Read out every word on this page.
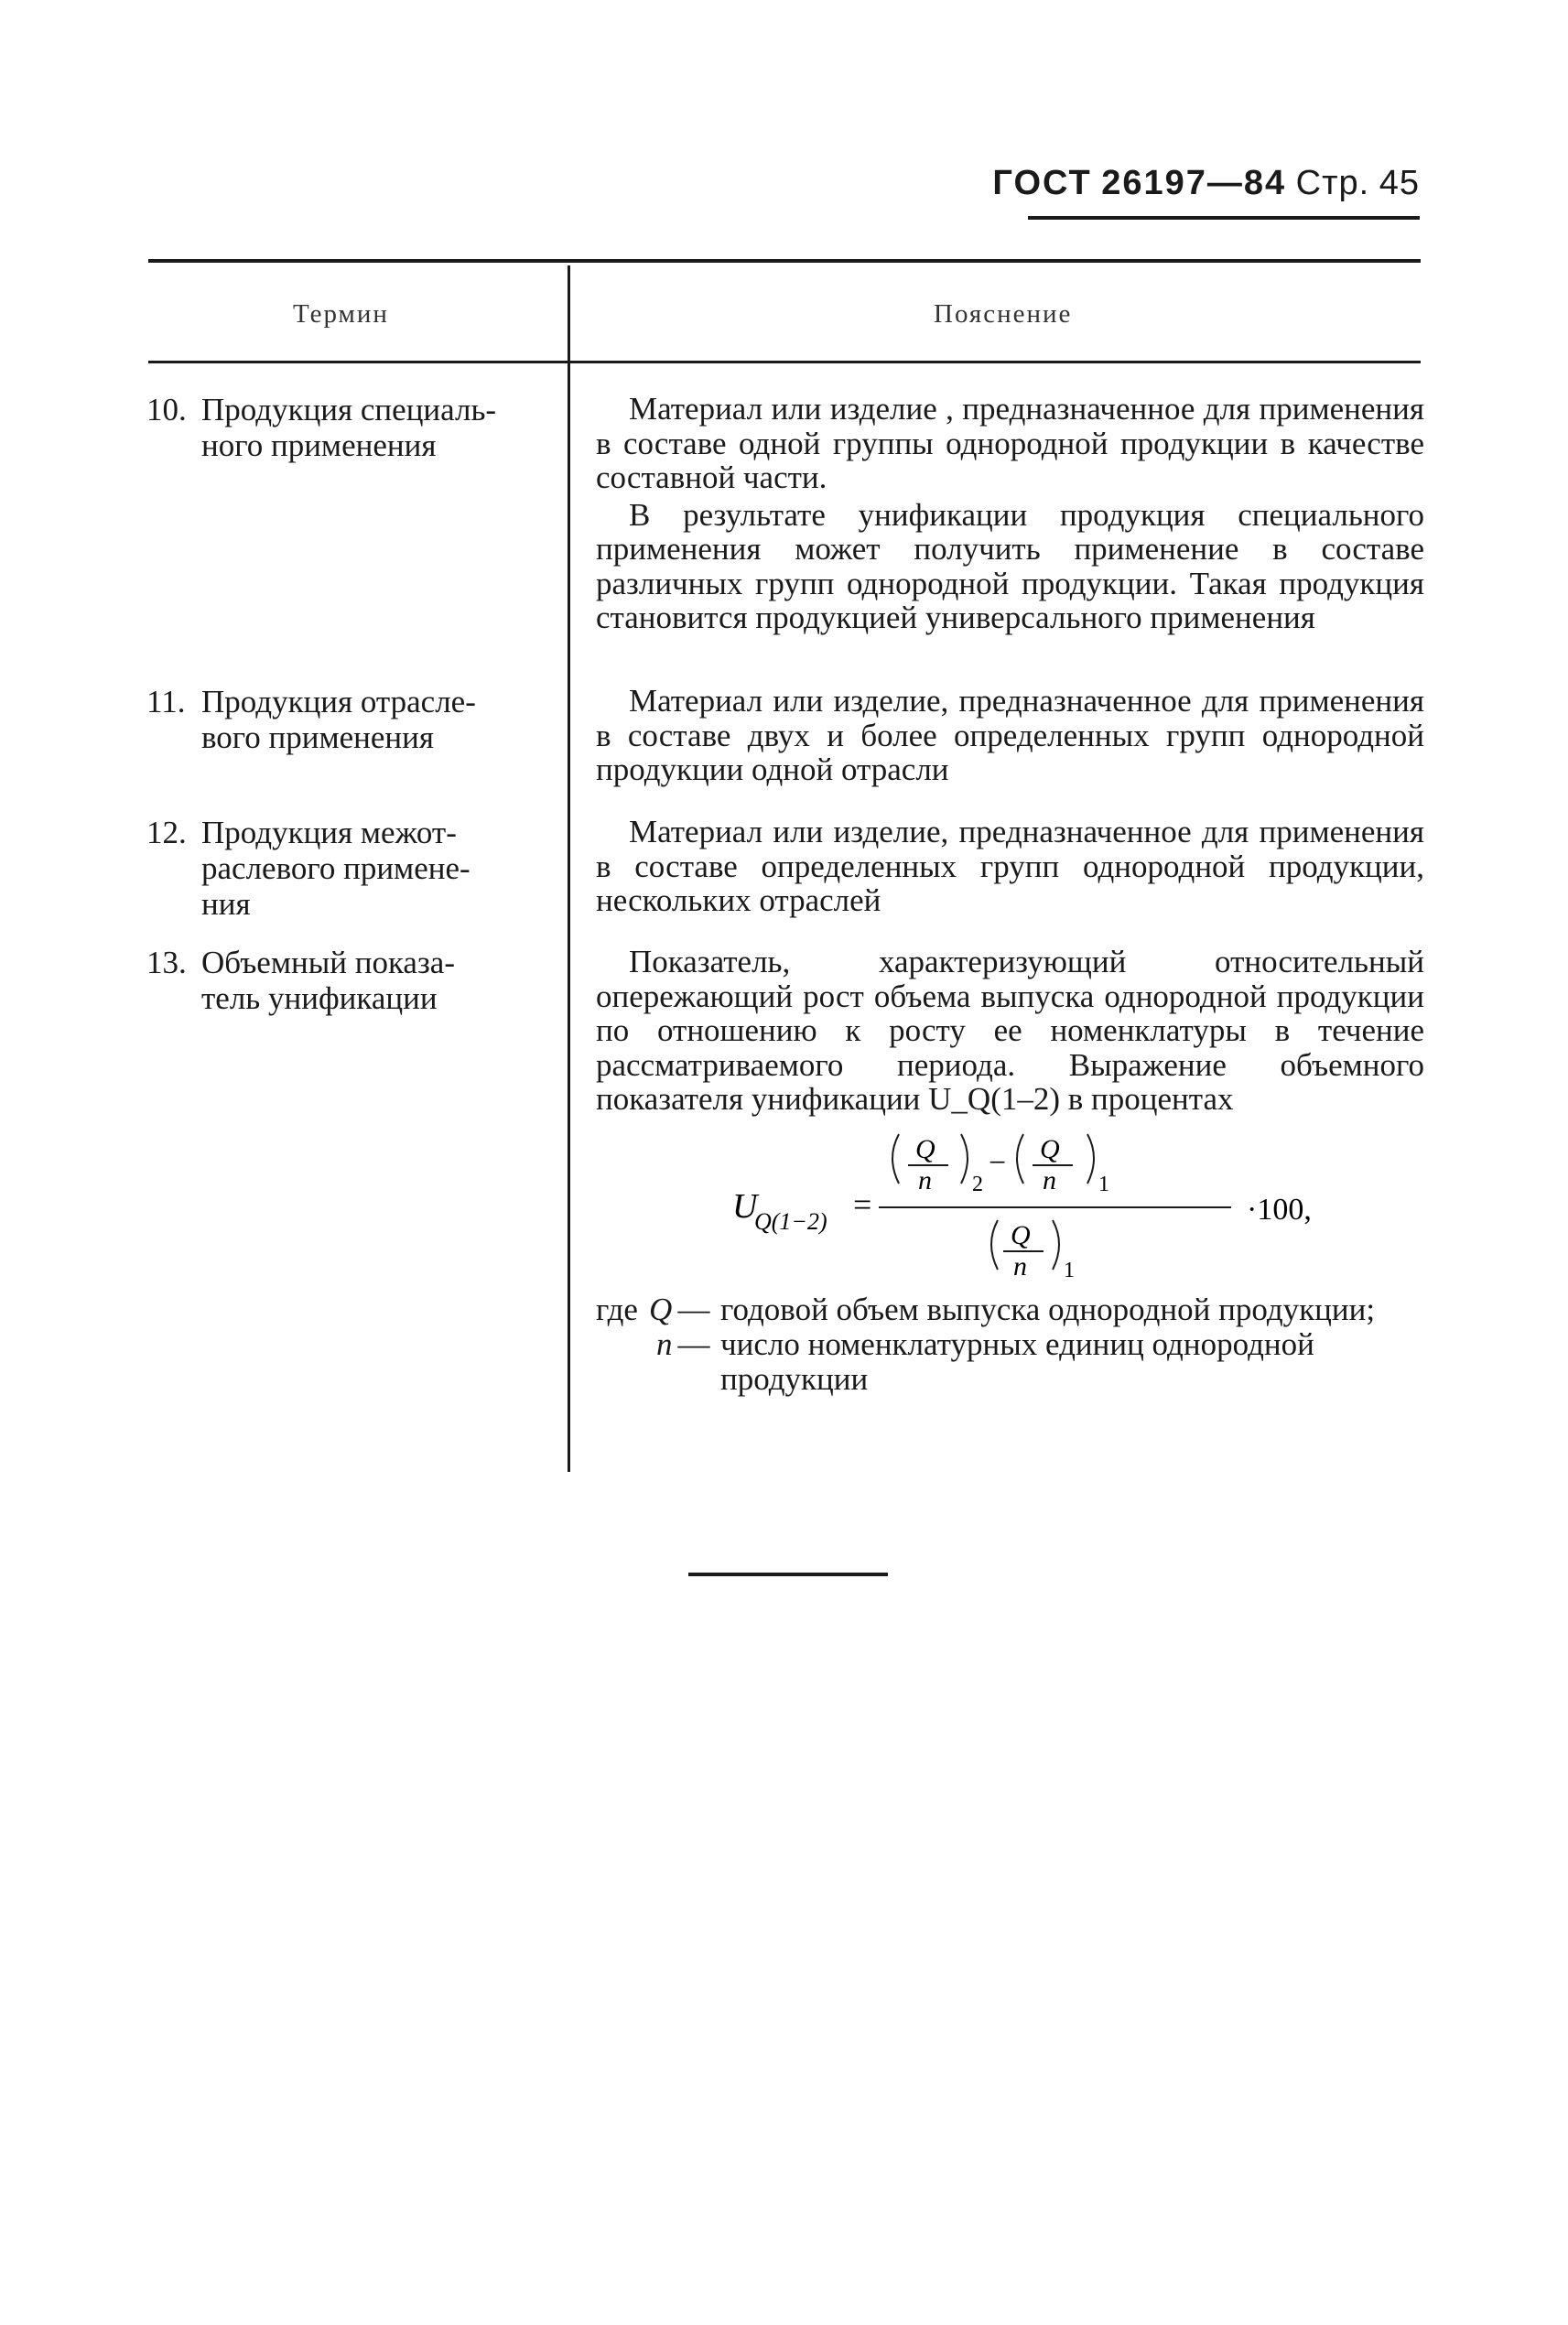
ГОСТ 26197—84 Стр. 45
Термин	Пояснение
10. Продукция специаль-
ного применения

Материал или изделие , предназначенное для применения в составе одной группы однородной продукции в качестве составной части.

В результате унификации продукция специального применения может получить применение в составе различных групп однородной продукции. Такая продукция становится продукцией универсального применения

11. Продукция отрасле-
вого применения

Материал или изделие, предназначенное для применения в составе двух и более определенных групп однородной продукции одной отрасли

12. Продукция межот-
раслевого примене-
ния

Материал или изделие, предназначенное для применения в составе определенных групп однородной продукции, нескольких отраслей

13. Объемный показа-
тель унификации

Показатель, характеризующий относительный опережающий рост объема выпуска однородной продукции по отношению к росту ее номенклатуры в течение рассматриваемого периода. Выражение объемного показателя унификации U_Q(1–2) в процентах

U
Q(1−2) =
Q
n 2
− Q
n 1
Q
n 1
·100,
где Q — годовой объем выпуска однородной продукции;
n — число номенклатурных единиц однородной продукции
